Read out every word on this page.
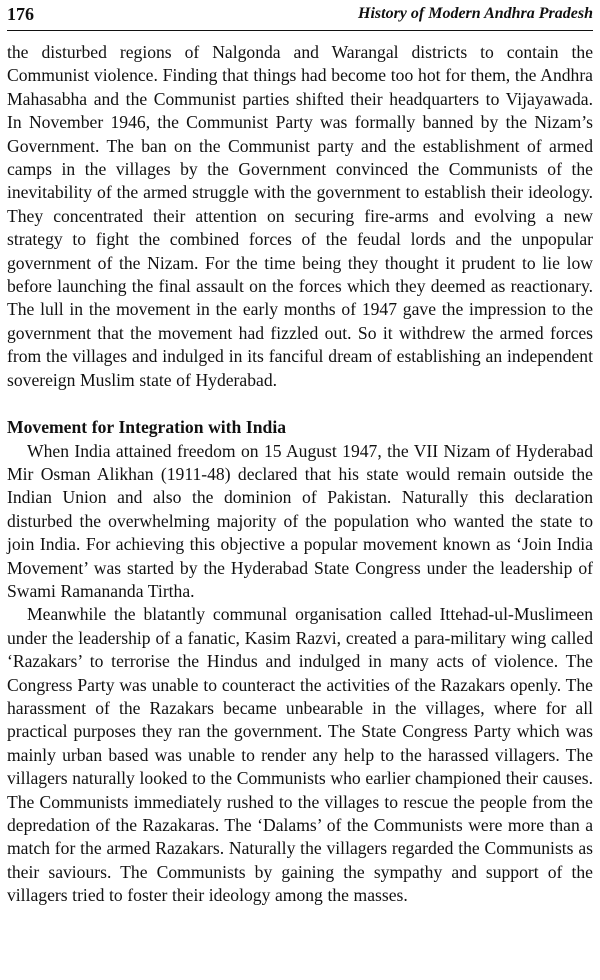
176	History of Modern Andhra Pradesh

the disturbed regions of Nalgonda and Warangal districts to contain the Communist violence. Finding that things had become too hot for them, the Andhra Mahasabha and the Communist parties shifted their headquarters to Vijayawada. In November 1946, the Communist Party was formally banned by the Nizam’s Government. The ban on the Communist party and the establishment of armed camps in the villages by the Government convinced the Communists of the inevitability of the armed struggle with the government to establish their ideology. They concentrated their attention on securing fire-arms and evolving a new strategy to fight the combined forces of the feudal lords and the unpopular government of the Nizam. For the time being they thought it prudent to lie low before launching the final assault on the forces which they deemed as reactionary. The lull in the movement in the early months of 1947 gave the impression to the government that the movement had fizzled out. So it withdrew the armed forces from the villages and indulged in its fanciful dream of establishing an independent sovereign Muslim state of Hyderabad.

Movement for Integration with India

When India attained freedom on 15 August 1947, the VII Nizam of Hyderabad Mir Osman Alikhan (1911-48) declared that his state would remain outside the Indian Union and also the dominion of Pakistan. Naturally this declaration disturbed the overwhelming majority of the population who wanted the state to join India. For achieving this objective a popular movement known as ‘Join India Movement’ was started by the Hyderabad State Congress under the leadership of Swami Ramananda Tirtha.

Meanwhile the blatantly communal organisation called Ittehad-ul-Muslimeen under the leadership of a fanatic, Kasim Razvi, created a para-military wing called ‘Razakars’ to terrorise the Hindus and indulged in many acts of violence. The Congress Party was unable to counteract the activities of the Razakars openly. The harassment of the Razakars became unbearable in the villages, where for all practical purposes they ran the government. The State Congress Party which was mainly urban based was unable to render any help to the harassed villagers. The villagers naturally looked to the Communists who earlier championed their causes. The Communists immediately rushed to the villages to rescue the people from the depredation of the Razakaras. The ‘Dalams’ of the Communists were more than a match for the armed Razakars. Naturally the villagers regarded the Communists as their saviours. The Communists by gaining the sympathy and support of the villagers tried to foster their ideology among the masses.
